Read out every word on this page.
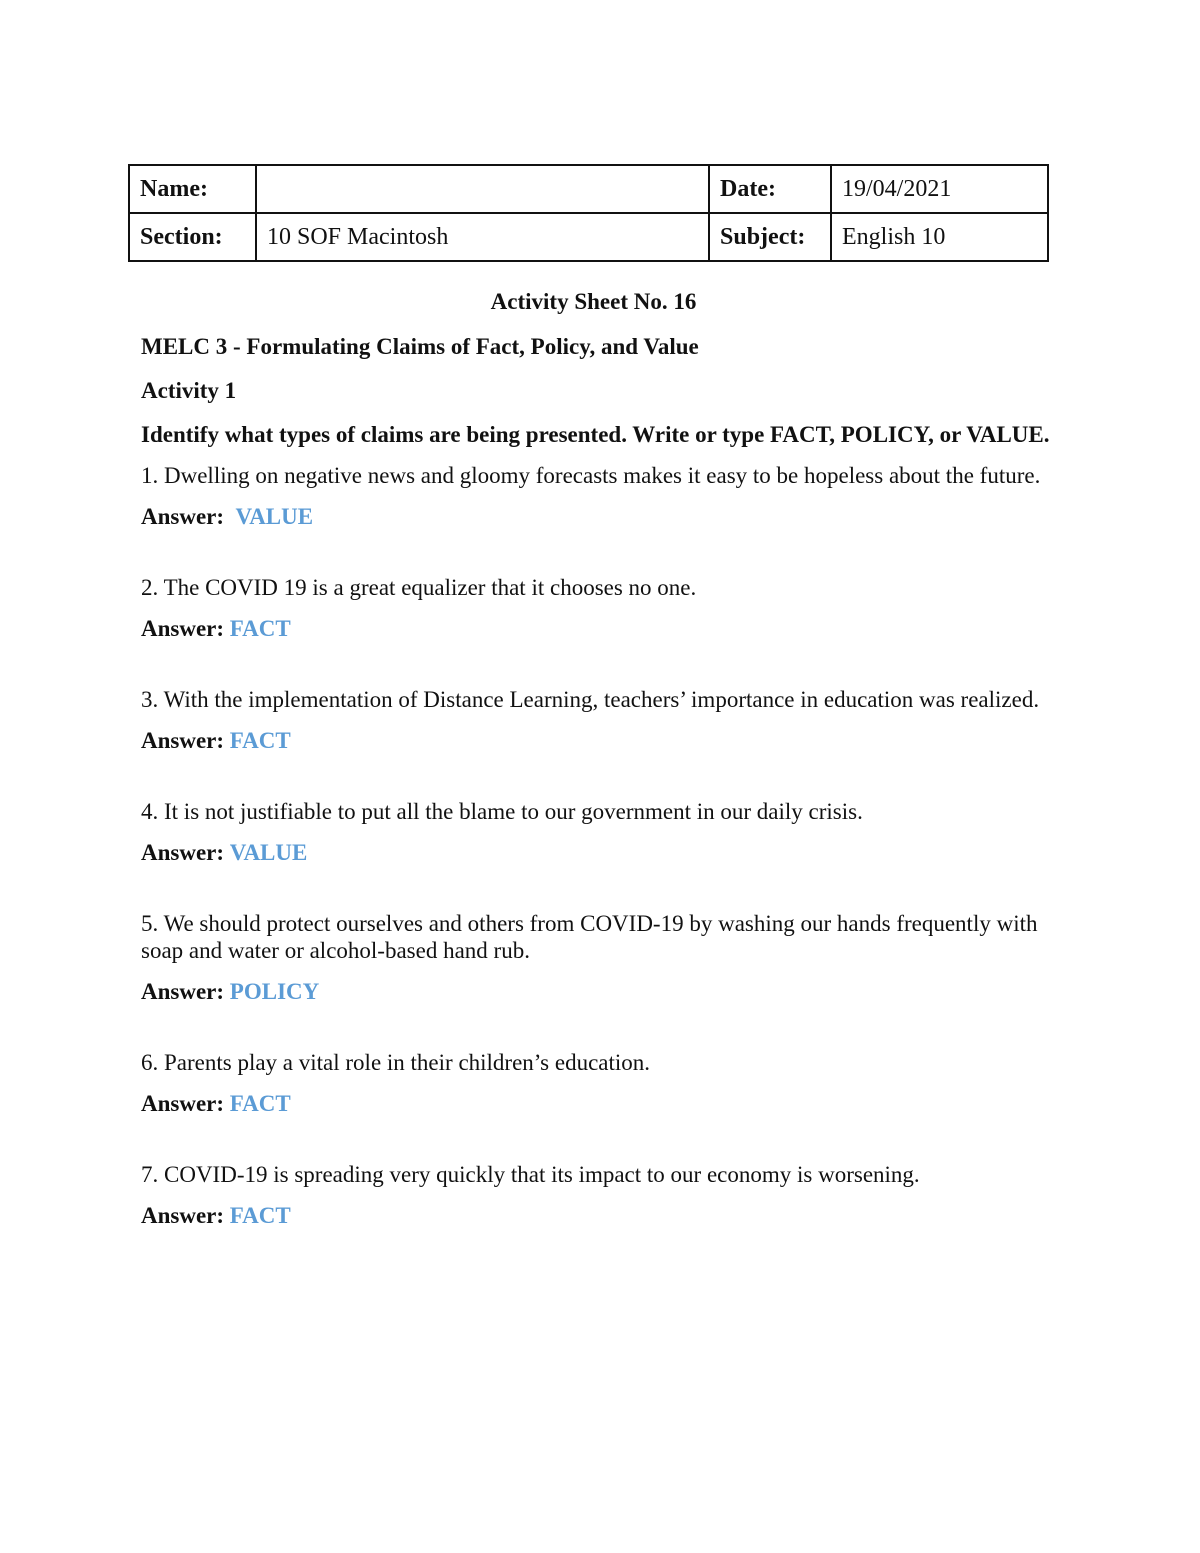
Name:		Date:	19/04/2021
Section:	10 SOF Macintosh	Subject:	English 10
Activity Sheet No. 16
MELC 3 - Formulating Claims of Fact, Policy, and Value
Activity 1
Identify what types of claims are being presented. Write or type FACT, POLICY, or VALUE.
1. Dwelling on negative news and gloomy forecasts makes it easy to be hopeless about the future.
Answer: VALUE
2. The COVID 19 is a great equalizer that it chooses no one.
Answer: FACT
3. With the implementation of Distance Learning, teachers’ importance in education was realized.
Answer: FACT
4. It is not justifiable to put all the blame to our government in our daily crisis.
Answer: VALUE
5. We should protect ourselves and others from COVID-19 by washing our hands frequently with soap and water or alcohol-based hand rub.
Answer: POLICY
6. Parents play a vital role in their children’s education.
Answer: FACT
7. COVID-19 is spreading very quickly that its impact to our economy is worsening.
Answer: FACT
